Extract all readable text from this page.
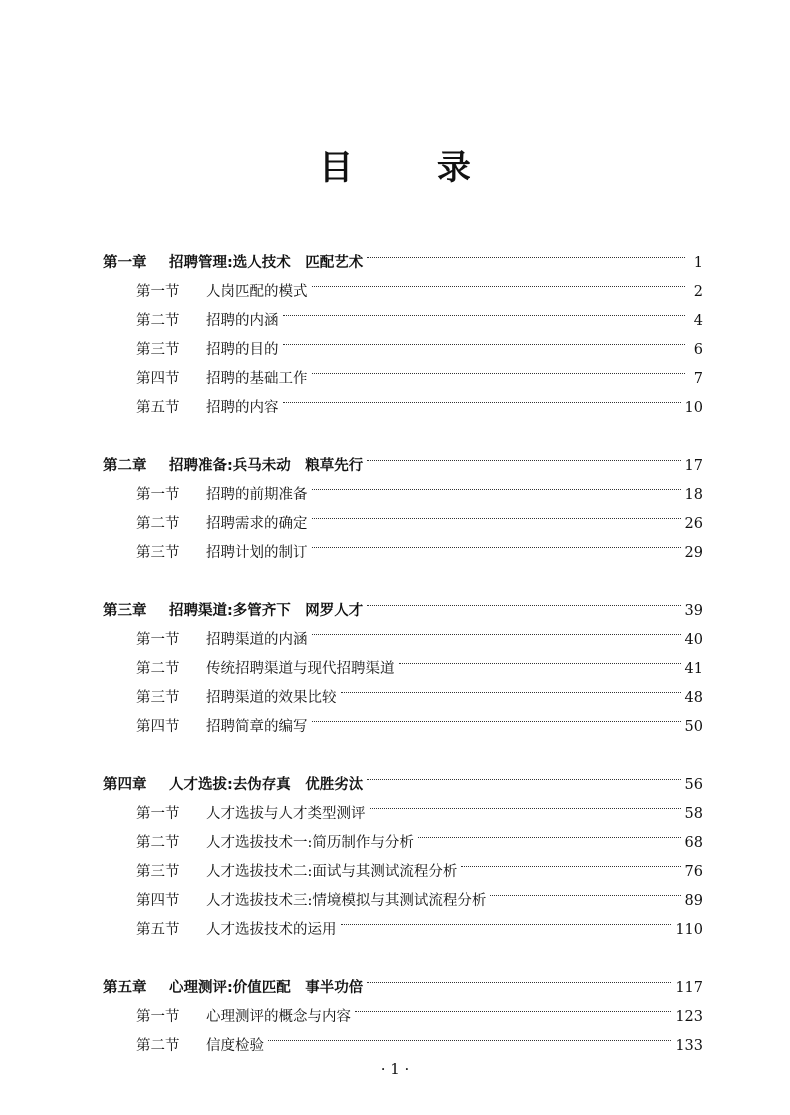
目 录
第一章	招聘管理:选人技术　匹配艺术	1
第一节	人岗匹配的模式	2
第二节	招聘的内涵	4
第三节	招聘的目的	6
第四节	招聘的基础工作	7
第五节	招聘的内容	10
第二章	招聘准备:兵马未动　粮草先行	17
第一节	招聘的前期准备	18
第二节	招聘需求的确定	26
第三节	招聘计划的制订	29
第三章	招聘渠道:多管齐下　网罗人才	39
第一节	招聘渠道的内涵	40
第二节	传统招聘渠道与现代招聘渠道	41
第三节	招聘渠道的效果比较	48
第四节	招聘简章的编写	50
第四章	人才选拔:去伪存真　优胜劣汰	56
第一节	人才选拔与人才类型测评	58
第二节	人才选拔技术一:简历制作与分析	68
第三节	人才选拔技术二:面试与其测试流程分析	76
第四节	人才选拔技术三:情境模拟与其测试流程分析	89
第五节	人才选拔技术的运用	110
第五章	心理测评:价值匹配　事半功倍	117
第一节	心理测评的概念与内容	123
第二节	信度检验	133
· 1 ·
